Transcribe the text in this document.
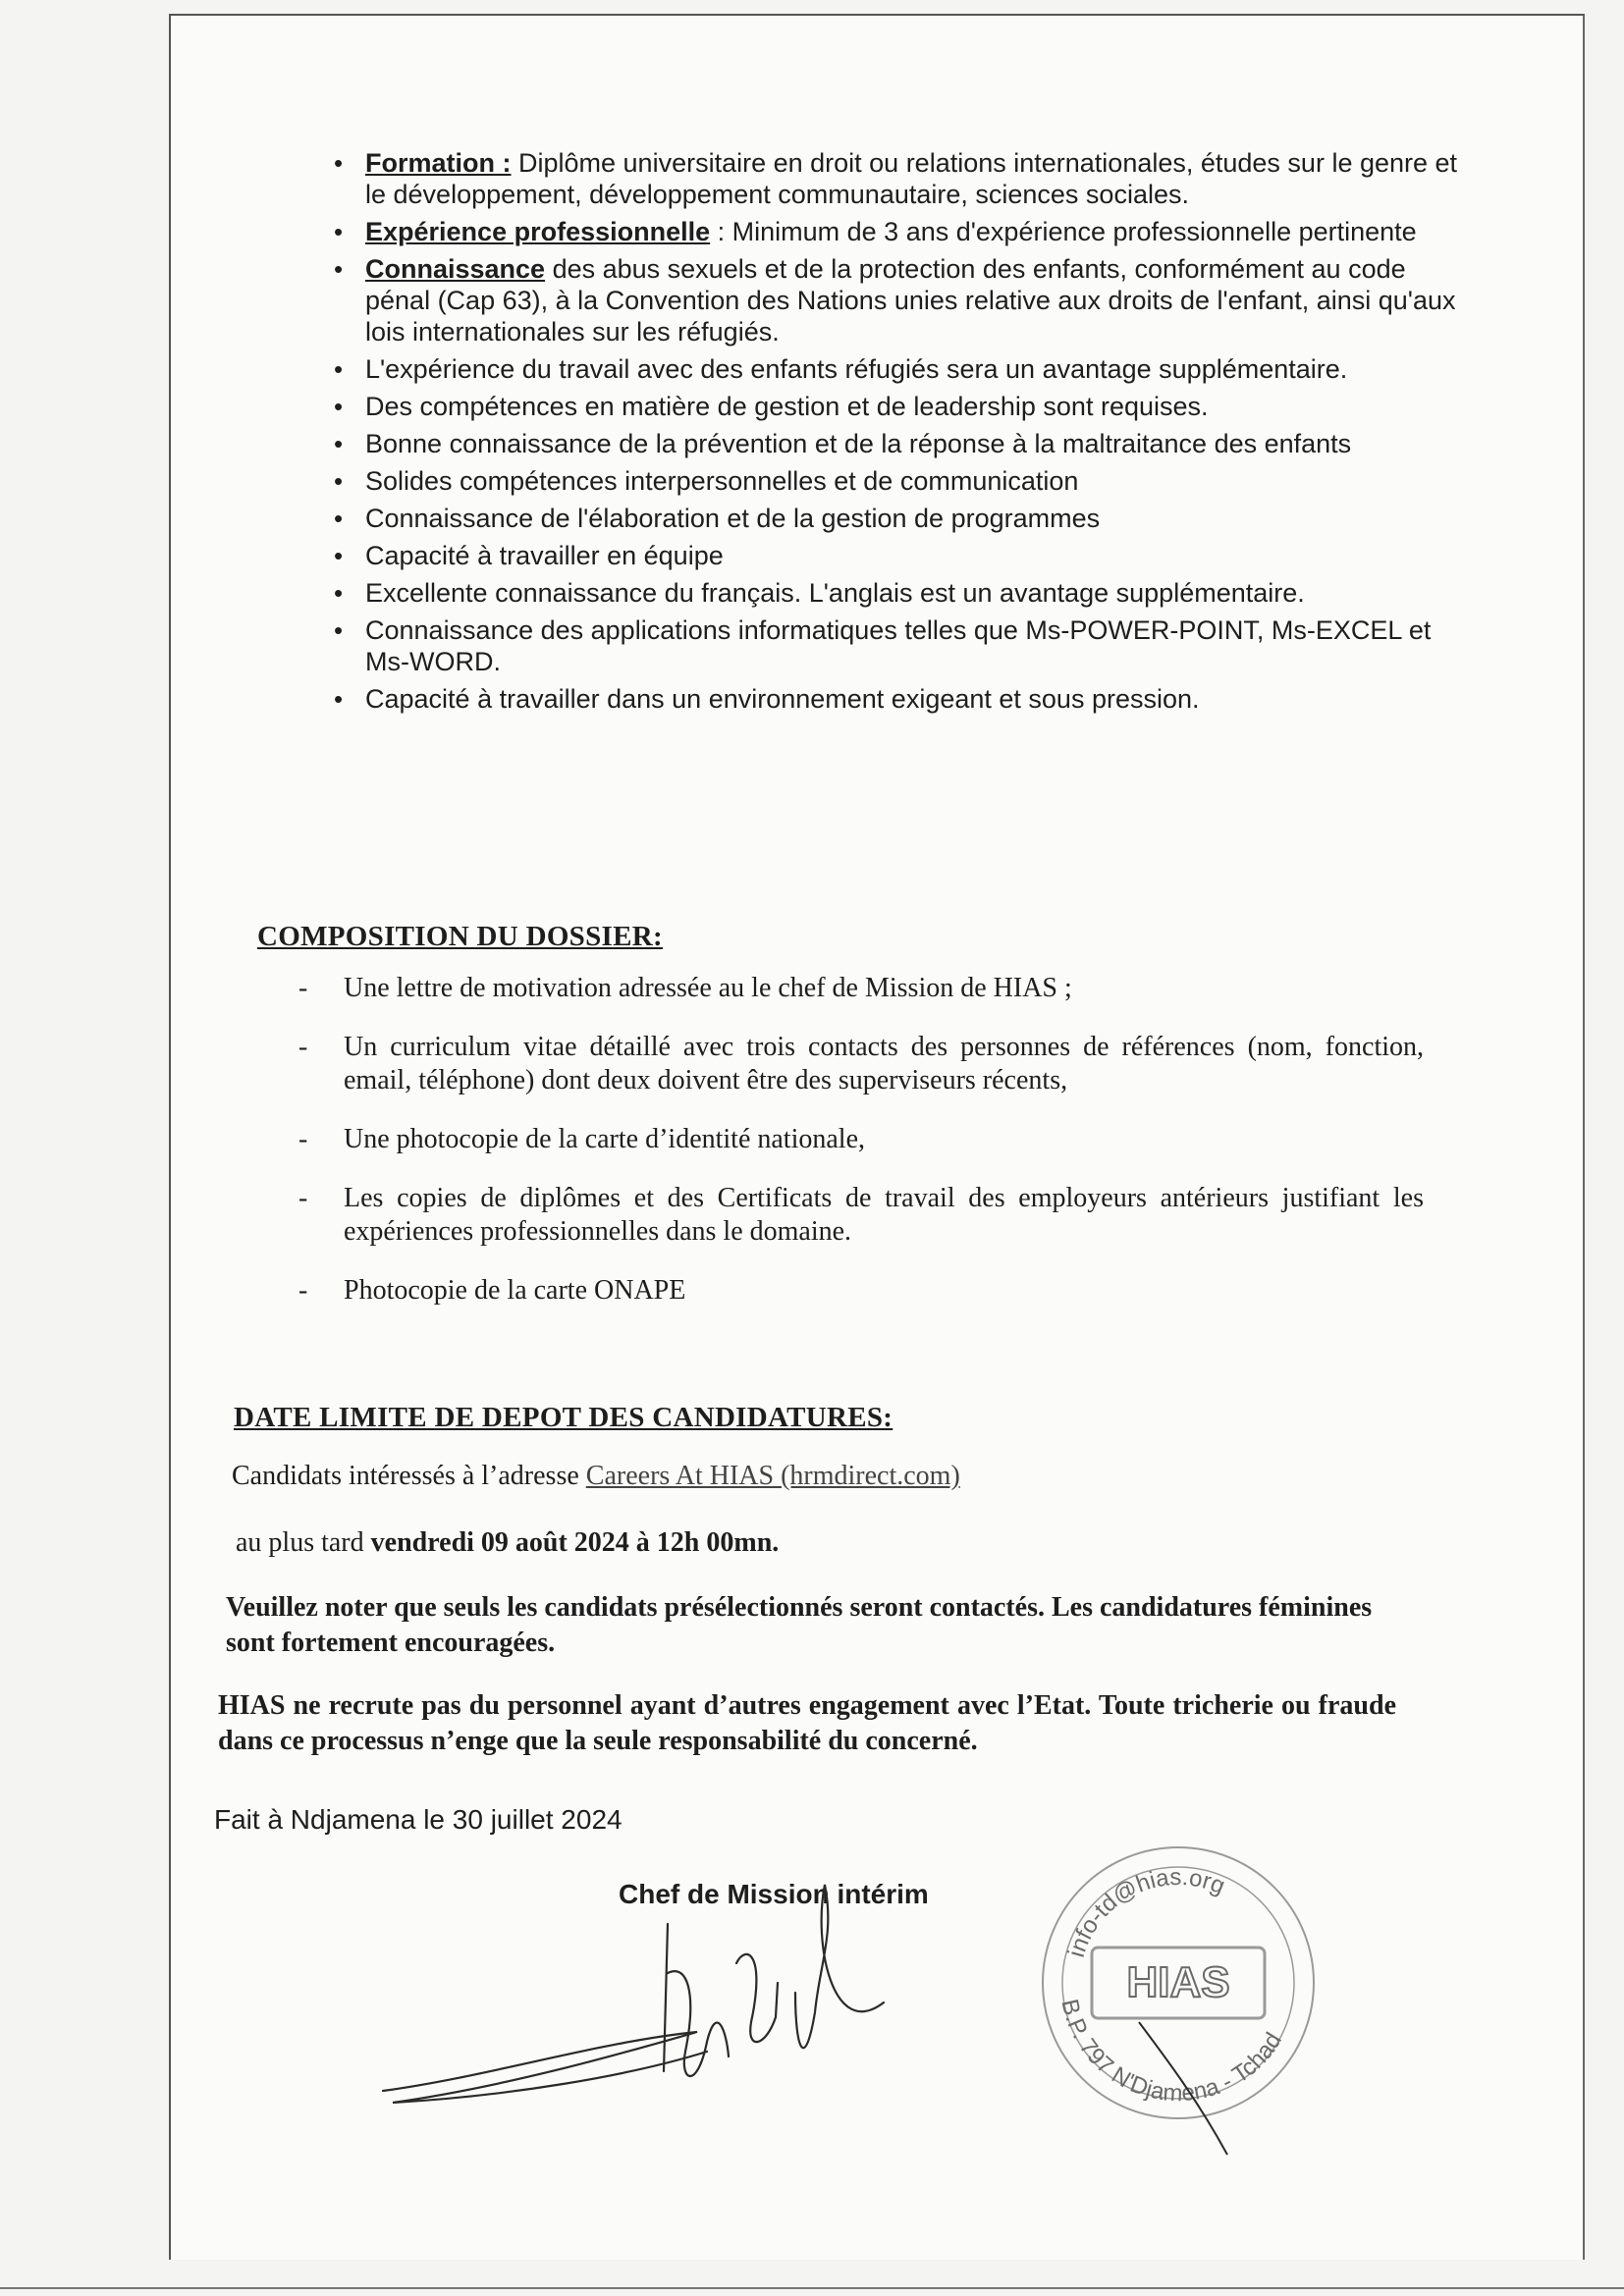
• Formation : Diplôme universitaire en droit ou relations internationales, études sur le genre et le développement, développement communautaire, sciences sociales.
• Expérience professionnelle : Minimum de 3 ans d'expérience professionnelle pertinente
• Connaissance des abus sexuels et de la protection des enfants, conformément au code pénal (Cap 63), à la Convention des Nations unies relative aux droits de l'enfant, ainsi qu'aux lois internationales sur les réfugiés.
• L'expérience du travail avec des enfants réfugiés sera un avantage supplémentaire.
• Des compétences en matière de gestion et de leadership sont requises.
• Bonne connaissance de la prévention et de la réponse à la maltraitance des enfants
• Solides compétences interpersonnelles et de communication
• Connaissance de l'élaboration et de la gestion de programmes
• Capacité à travailler en équipe
• Excellente connaissance du français. L'anglais est un avantage supplémentaire.
• Connaissance des applications informatiques telles que Ms-POWER-POINT, Ms-EXCEL et Ms-WORD.
• Capacité à travailler dans un environnement exigeant et sous pression.
COMPOSITION DU DOSSIER:
- Une lettre de motivation adressée au le chef de Mission de HIAS ;
- Un curriculum vitae détaillé avec trois contacts des personnes de références (nom, fonction, email, téléphone) dont deux doivent être des superviseurs récents,
- Une photocopie de la carte d’identité nationale,
- Les copies de diplômes et des Certificats de travail des employeurs antérieurs justifiant les expériences professionnelles dans le domaine.
- Photocopie de la carte ONAPE
DATE LIMITE DE DEPOT DES CANDIDATURES:
Candidats intéressés à l’adresse Careers At HIAS (hrmdirect.com)
au plus tard vendredi 09 août 2024 à 12h 00mn.
Veuillez noter que seuls les candidats présélectionnés seront contactés. Les candidatures féminines sont fortement encouragées.
HIAS ne recrute pas du personnel ayant d’autres engagement avec l’Etat. Toute tricherie ou fraude dans ce processus n’enge que la seule responsabilité du concerné.
Fait à Ndjamena le 30 juillet 2024
Chef de Mission intérim
info-td@hias.org
HIAS
B.P. 797 N'Djamena - Tchad
